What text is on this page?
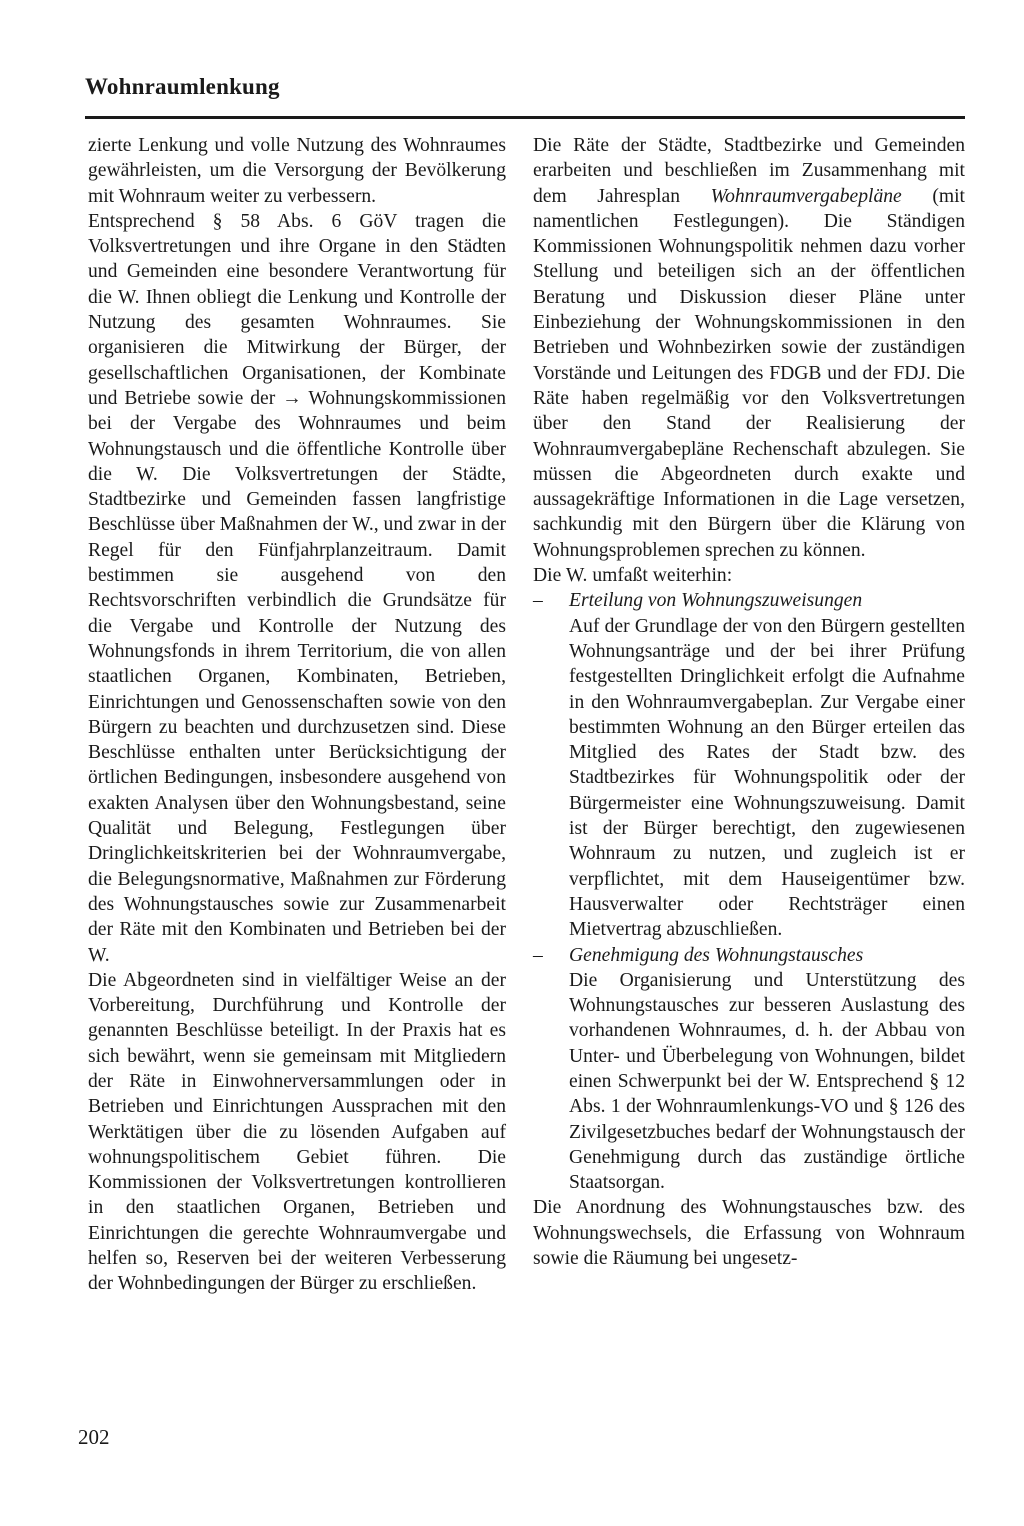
Wohnraumlenkung

zierte Lenkung und volle Nutzung des Wohnraumes gewährleisten, um die Versorgung der Bevölkerung mit Wohnraum weiter zu verbessern.

Entsprechend § 58 Abs. 6 GöV tragen die Volksvertretungen und ihre Organe in den Städten und Gemeinden eine besondere Verantwortung für die W. Ihnen obliegt die Lenkung und Kontrolle der Nutzung des gesamten Wohnraumes. Sie organisieren die Mitwirkung der Bürger, der gesellschaftlichen Organisationen, der Kombinate und Betriebe sowie der → Wohnungskommissionen bei der Vergabe des Wohnraumes und beim Wohnungstausch und die öffentliche Kontrolle über die W. Die Volksvertretungen der Städte, Stadtbezirke und Gemeinden fassen langfristige Beschlüsse über Maßnahmen der W., und zwar in der Regel für den Fünfjahrplanzeitraum. Damit bestimmen sie ausgehend von den Rechtsvorschriften verbindlich die Grundsätze für die Vergabe und Kontrolle der Nutzung des Wohnungsfonds in ihrem Territorium, die von allen staatlichen Organen, Kombinaten, Betrieben, Einrichtungen und Genossenschaften sowie von den Bürgern zu beachten und durchzusetzen sind. Diese Beschlüsse enthalten unter Berücksichtigung der örtlichen Bedingungen, insbesondere ausgehend von exakten Analysen über den Wohnungsbestand, seine Qualität und Belegung, Festlegungen über Dringlichkeitskriterien bei der Wohnraumvergabe, die Belegungsnormative, Maßnahmen zur Förderung des Wohnungstausches sowie zur Zusammenarbeit der Räte mit den Kombinaten und Betrieben bei der W.

Die Abgeordneten sind in vielfältiger Weise an der Vorbereitung, Durchführung und Kontrolle der genannten Beschlüsse beteiligt. In der Praxis hat es sich bewährt, wenn sie gemeinsam mit Mitgliedern der Räte in Einwohnerversammlungen oder in Betrieben und Einrichtungen Aussprachen mit den Werktätigen über die zu lösenden Aufgaben auf wohnungspolitischem Gebiet führen. Die Kommissionen der Volksvertretungen kontrollieren in den staatlichen Organen, Betrieben und Einrichtungen die gerechte Wohnraumvergabe und helfen so, Reserven bei der weiteren Verbesserung der Wohnbedingungen der Bürger zu erschließen.

Die Räte der Städte, Stadtbezirke und Gemeinden erarbeiten und beschließen im Zusammenhang mit dem Jahresplan Wohnraumvergabepläne (mit namentlichen Festlegungen). Die Ständigen Kommissionen Wohnungspolitik nehmen dazu vorher Stellung und beteiligen sich an der öffentlichen Beratung und Diskussion dieser Pläne unter Einbeziehung der Wohnungskommissionen in den Betrieben und Wohnbezirken sowie der zuständigen Vorstände und Leitungen des FDGB und der FDJ. Die Räte haben regelmäßig vor den Volksvertretungen über den Stand der Realisierung der Wohnraumvergabepläne Rechenschaft abzulegen. Sie müssen die Abgeordneten durch exakte und aussagekräftige Informationen in die Lage versetzen, sachkundig mit den Bürgern über die Klärung von Wohnungsproblemen sprechen zu können.

Die W. umfaßt weiterhin:

–	Erteilung von Wohnungszuweisungen
Auf der Grundlage der von den Bürgern gestellten Wohnungsanträge und der bei ihrer Prüfung festgestellten Dringlichkeit erfolgt die Aufnahme in den Wohnraumvergabeplan. Zur Vergabe einer bestimmten Wohnung an den Bürger erteilen das Mitglied des Rates der Stadt bzw. des Stadtbezirkes für Wohnungspolitik oder der Bürgermeister eine Wohnungszuweisung. Damit ist der Bürger berechtigt, den zugewiesenen Wohnraum zu nutzen, und zugleich ist er verpflichtet, mit dem Hauseigentümer bzw. Hausverwalter oder Rechtsträger einen Mietvertrag abzuschließen.
–	Genehmigung des Wohnungstausches
Die Organisierung und Unterstützung des Wohnungstausches zur besseren Auslastung des vorhandenen Wohnraumes, d. h. der Abbau von Unter- und Überbelegung von Wohnungen, bildet einen Schwerpunkt bei der W. Entsprechend § 12 Abs. 1 der Wohnraumlenkungs-VO und § 126 des Zivilgesetzbuches bedarf der Wohnungstausch der Genehmigung durch das zuständige örtliche Staatsorgan.

Die Anordnung des Wohnungstausches bzw. des Wohnungswechsels, die Erfassung von Wohnraum sowie die Räumung bei ungesetz-

202
